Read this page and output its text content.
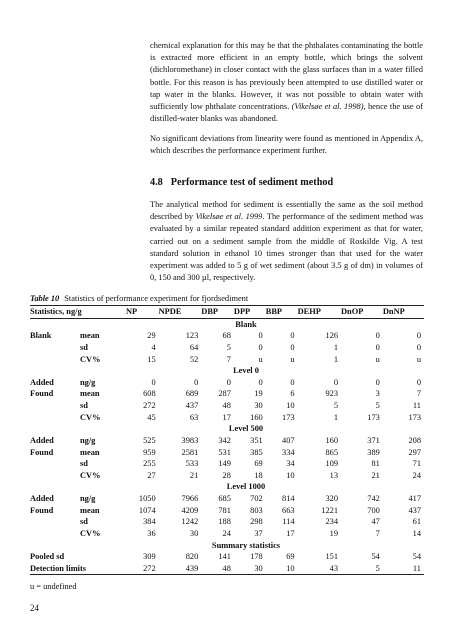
chemical explanation for this may be that the phthalates contaminating the bottle is extracted more efficient in an empty bottle, which brings the solvent (dichloromethane) in closer contact with the glass surfaces than in a water filled bottle. For this reason is has previously been attempted to use distilled water or tap water in the blanks. However, it was not possible to obtain water with sufficiently low phthalate concentrations. (Vikelsøe et al. 1998), hence the use of distilled-water blanks was abandoned.

No significant deviations from linearity were found as mentioned in Appendix A, which describes the performance experiment further.

4.8 Performance test of sediment method

The analytical method for sediment is essentially the same as the soil method described by Vikelsøe et al. 1999. The performance of the sediment method was evaluated by a similar repeated standard addition experiment as that for water, carried out on a sediment sample from the middle of Roskilde Vig. A test standard solution in ethanol 10 times stronger than that used for the water experiment was added to 5 g of wet sediment (about 3.5 g of dm) in volumes of 0, 150 and 300 µl, respectively.

Table 10 Statistics of performance experiment for fjordsediment

Statistics, ng/g		NP	NPDE	DBP	DPP	BBP	DEHP	DnOP	DnNP
Blank									
Blank	mean	29	123	68	0	0	126	0	0
	sd	4	64	5	0	0	1	0	0
	CV%	15	52	7	u	u	1	u	u
Level 0									
Added	ng/g	0	0	0	0	0	0	0	0
Found	mean	608	689	287	19	6	923	3	7
	sd	272	437	48	30	10	5	5	11
	CV%	45	63	17	160	173	1	173	173
Level 500									
Added	ng/g	525	3983	342	351	407	160	371	208
Found	mean	959	2581	531	385	334	865	389	297
	sd	255	533	149	69	34	109	81	71
	CV%	27	21	28	18	10	13	21	24
Level 1000									
Added	ng/g	1050	7966	685	702	814	320	742	417
Found	mean	1074	4209	781	803	663	1221	700	437
	sd	384	1242	188	298	114	234	47	61
	CV%	36	30	24	37	17	19	7	14
Summary statistics									
Pooled sd		309	820	141	178	69	151	54	54
Detection limits		272	439	48	30	10	43	5	11

u = undefined

24
